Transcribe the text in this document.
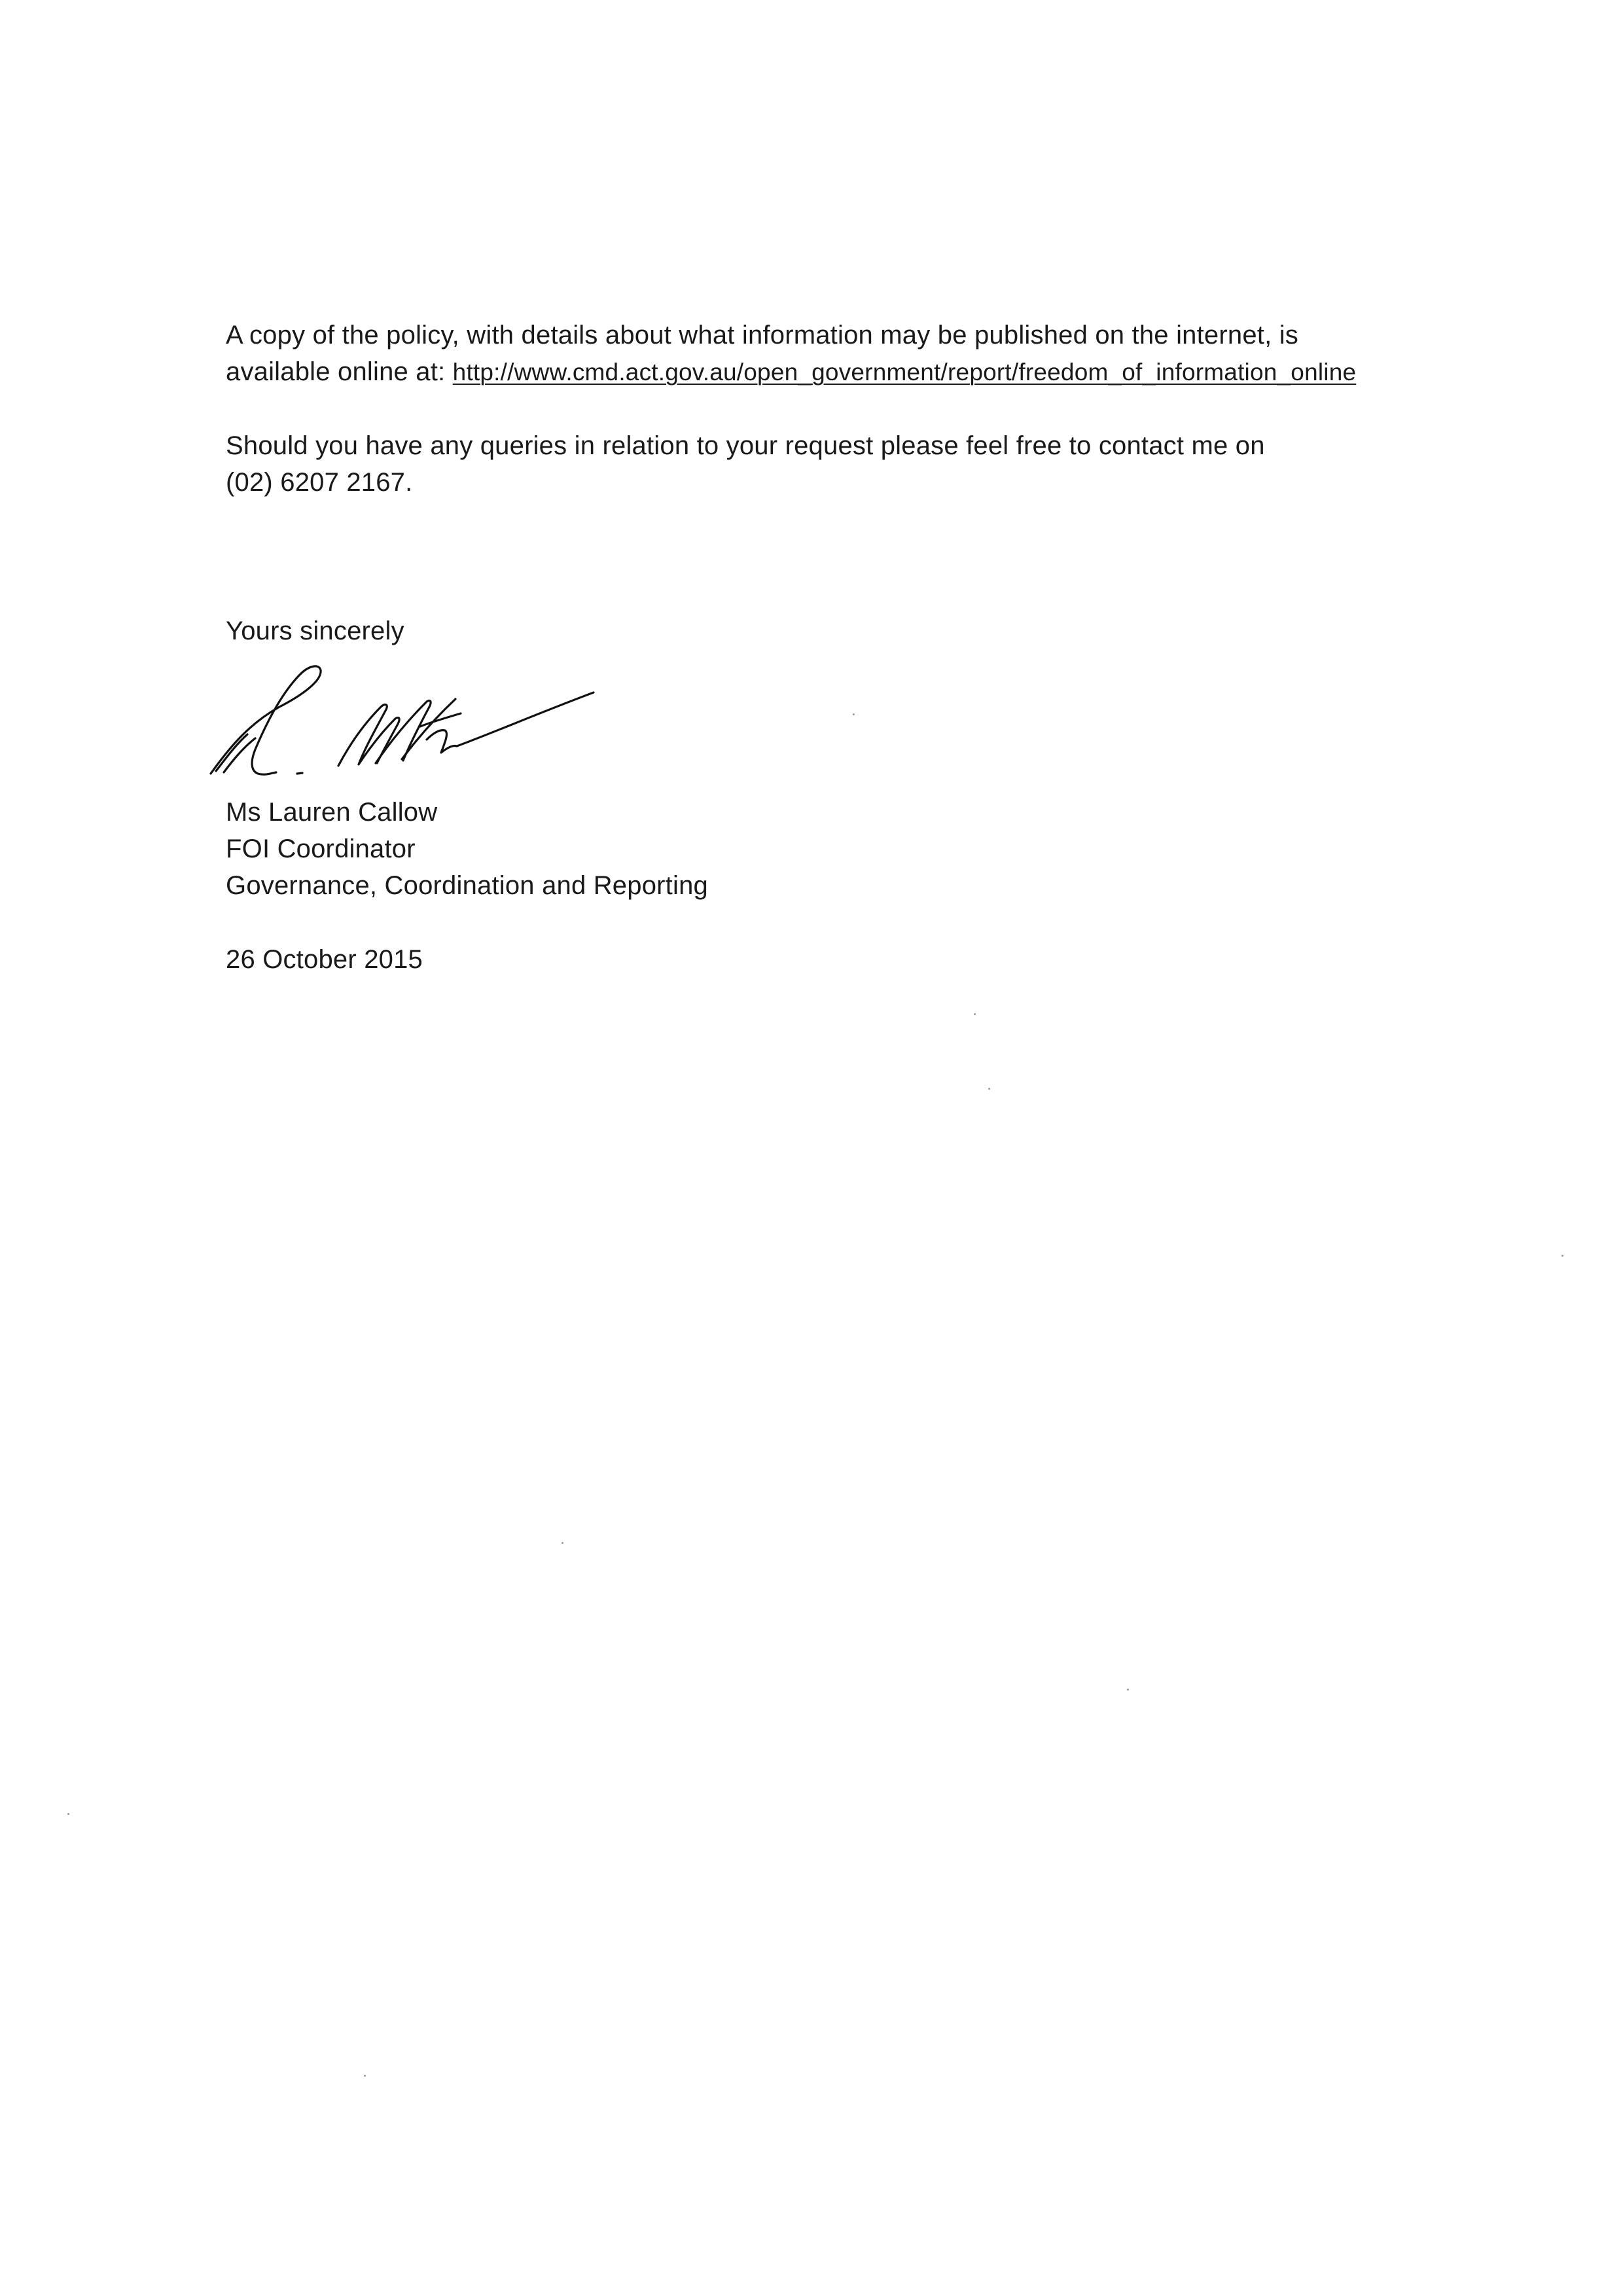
A copy of the policy, with details about what information may be published on the internet, is
available online at: http://www.cmd.act.gov.au/open_government/report/freedom_of_information_online
Should you have any queries in relation to your request please feel free to contact me on
(02) 6207 2167.
Yours sincerely
Ms Lauren Callow
FOI Coordinator
Governance, Coordination and Reporting
26 October 2015
